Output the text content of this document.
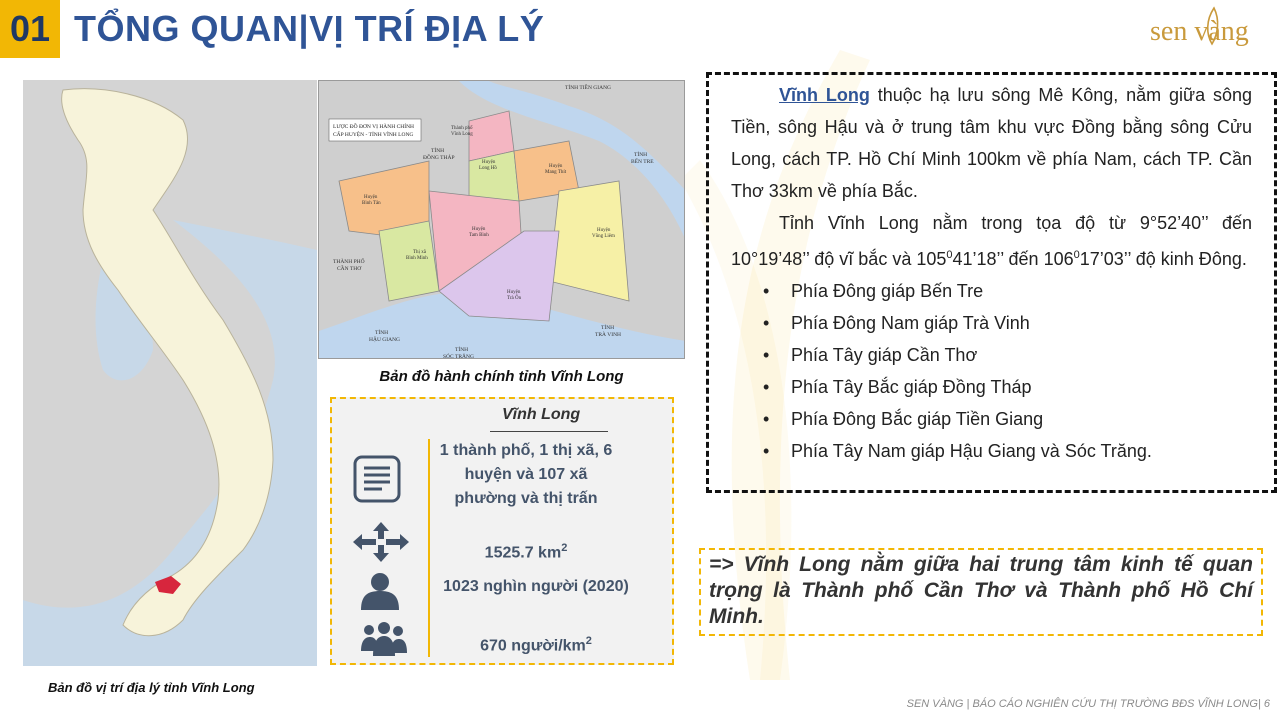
01 TỔNG QUAN|VỊ TRÍ ĐỊA LÝ	sen vàng
Bản đồ vị trí địa lý tỉnh Vĩnh Long
LƯỢC ĐỒ ĐƠN VỊ HÀNH CHÍNH
CẤP HUYỆN - TỈNH VĨNH LONG
TỈNH TIỀN GIANG
TỈNH
ĐỒNG THÁP	TỈNH
BẾN TRE
THÀNH PHỐ
CẦN THƠ
TỈNH
HẬU GIANG
TỈNH
SÓC TRĂNG
TỈNH
TRÀ VINH
Thành phố
Vĩnh Long
Huyện
Long Hồ	Huyện
Mang Thít
Huyện
Bình Tân
Huyện
Tam Bình
Thị xã
Bình Minh
Huyện
Vũng Liêm
Huyện
Trà Ôn
Bản đồ hành chính tỉnh Vĩnh Long
Vĩnh Long
1 thành phố, 1 thị xã, 6 huyện và 107 xã phường và thị trấn
1525.7 $km^2$
1023 nghìn người (2020)
670 người/$km^2$

Vĩnh Long thuộc hạ lưu sông Mê Kông, nằm giữa sông Tiền, sông Hậu và ở trung tâm khu vực Đồng bằng sông Cửu Long, cách TP. Hồ Chí Minh 100km về phía Nam, cách TP. Cần Thơ 33km về phía Bắc.

Tỉnh Vĩnh Long nằm trong tọa độ từ 9°52’40’’ đến 10°19’48’’ độ vĩ bắc và $105^041’18$’’ đến $106^017’03$’’ độ kinh Đông.

• Phía Đông giáp Bến Tre
• Phía Đông Nam giáp Trà Vinh
• Phía Tây giáp Cần Thơ
• Phía Tây Bắc giáp Đồng Tháp
• Phía Đông Bắc giáp Tiền Giang
• Phía Tây Nam giáp Hậu Giang và Sóc Trăng.
=> Vĩnh Long nằm giữa hai trung tâm kinh tế quan trọng là Thành phố Cần Thơ và Thành phố Hồ Chí Minh.
SEN VÀNG | BÁO CÁO NGHIÊN CỨU THỊ TRƯỜNG BĐS VĨNH LONG| 6
